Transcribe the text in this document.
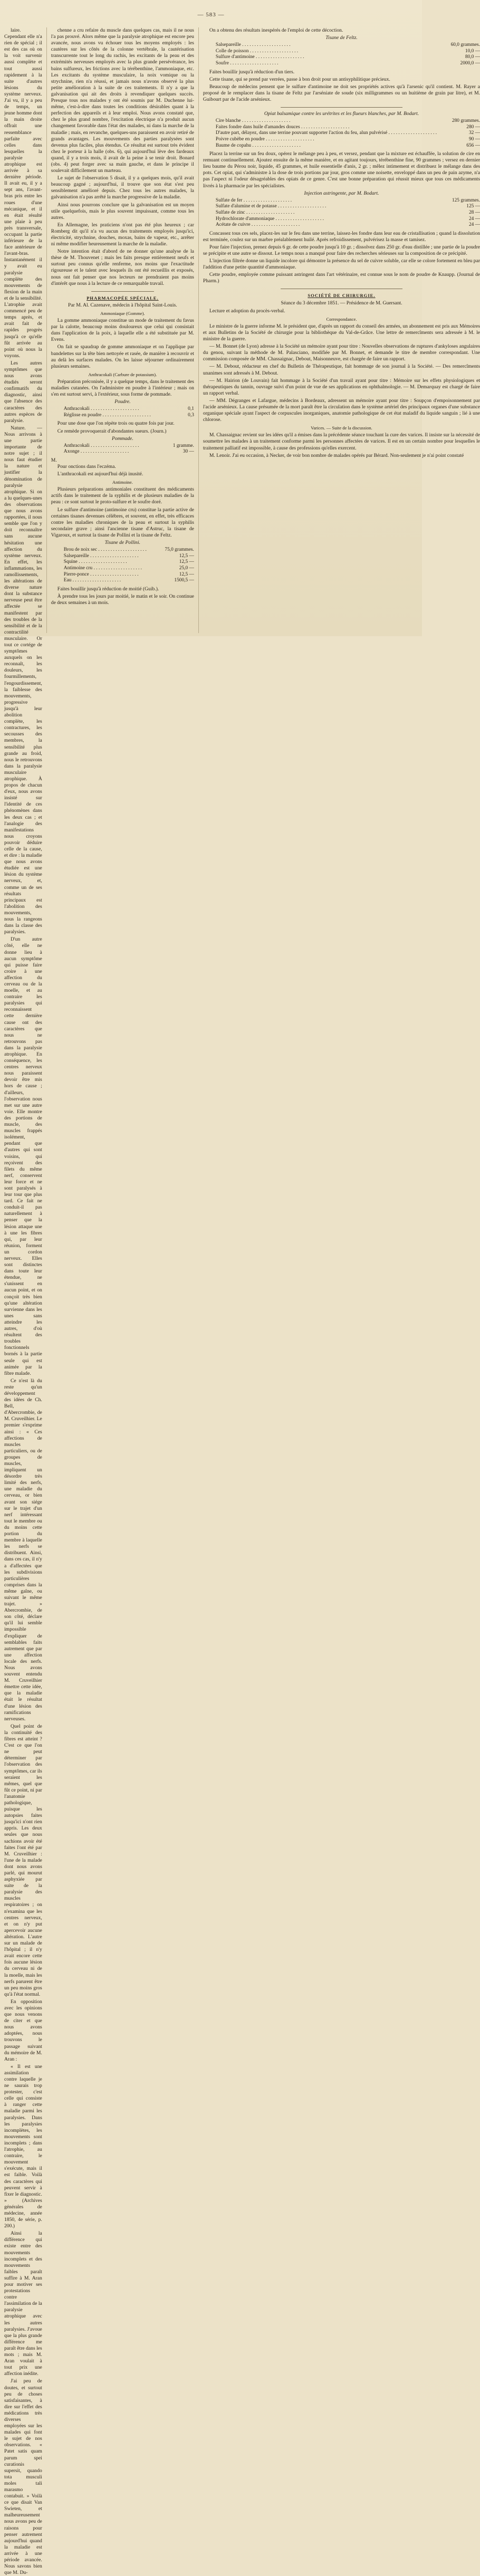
— 583 —

laire. Cependant elle n'a rien de spécial ; il est des cas où on la voit survenir aussi complète et tout aussi rapidement à la suite d'autres lésions du système nerveux. J'ai vu, il y a peu de temps, un jeune homme dont la main droite offrait une ressemblance parfaite avec celles dans lesquelles la paralysie atrophique est arrivée à sa dernière période. Il avait eu, il y a sept ans, l'avant-bras pris entre les roues d'une mécanique, et il en était résulté une plaie à peu près transversale, occupant la partie inférieure de la face antérieure de l'avant-bras. Instantanément il y avait eu paralysie complète des mouvements de flexion de la main et de la sensibilité. L'atrophie avait commencé peu de temps après, et avait fait de rapides progrès jusqu'à ce qu'elle fût arrivée au point où nous la voyons.

Les autres symptômes que nous avons étudiés seront confirmatifs du diagnostic, ainsi que l'absence des caractères des autres espèces de paralysie.

Nature. — Nous arrivons à une partie importante de notre sujet ; il nous faut étudier la nature et justifier la dénomination de paralysie atrophique. Si on a lu quelques-unes des observations que nous avons rapportées, il nous semble que l'on y doit reconnaître sans aucune hésitation une affection du système nerveux. En effet, les inflammations, les ramollissements, les altérations de diverse nature dont la substance nerveuse peut être affectée se manifestent par des troubles de la sensibilité et de la contractilité musculaire. Or tout ce cortége de symptômes auxquels on les reconnaît, les douleurs, les fourmillements, l'engourdissement, la faiblesse des mouvements, progressive jusqu'à leur abolition complète, les contractures, les secousses des membres, la sensibilité plus grande au froid, nous le retrouvons dans la paralysie musculaire atrophique. À propos de chacun d'eux, nous avons insisté sur l'identité de ces phénomènes dans les deux cas ; et l'analogie des manifestations nous croyons pouvoir déduire celle de la cause, et dire : la maladie que nous avons étudiée est une lésion du système nerveux, et, comme un de ses résultats principaux est l'abolition des mouvements, nous la rangeons dans la classe des paralysies.

D'un autre côté, elle ne donne lieu à aucun symptôme qui puisse faire croire à une affection du cerveau ou de la moelle, et au contraire les paralysies qui reconnaissent cette dernière cause ont des caractères que nous ne retrouvons pas dans la paralysie atrophique. En conséquence, les centres nerveux nous paraissent devoir être mis hors de cause ; d'ailleurs, l'observation nous met sur une autre voie. Elle montre des portions de muscle, des muscles frappés isolément, pendant que d'autres qui sont voisins, qui reçoivent des filets du même nerf, conservent leur force et ne sont paralysés à leur tour que plus tard. Ce fait ne conduit-il pas naturellement à penser que la lésion attaque une à une les fibres qui, par leur réunion, forment un cordon nerveux. Elles sont distinctes dans toute leur étendue, ne s'unissent en aucun point, et on conçoit très bien qu'une altération survienne dans les unes sans atteindre les autres, d'où résultent des troubles fonctionnels bornés à la partie seule qui est animée par la fibre malade.

Ce n'est là du reste qu'un développement des idées de Ch. Bell, d'Abercrombie, de M. Cruveilhier. Le premier s'exprime ainsi : « Ces affections de muscles particuliers, ou de groupes de muscles, impliquent un désordre très limité des nerfs, une maladie du cerveau, or bien avant son siége sur le trajet d'un nerf intéressant tout le membre ou du moins cette portion du membre à laquelle les nerfs se distribuent. Ainsi, dans ces cas, il n'y a d'affectées que les subdivisions particulières comprises dans la même gaîne, ou suivant le même trajet. » Abercrombie, de son côté, déclare qu'il lui semble impossible d'expliquer de semblables faits autrement que par une affection locale des nerfs. Nous avons souvent entendu M. Cruveilhier émettre cette idée, que la maladie était le résultat d'une lésion des ramifications nerveuses.

Quel point de la continuité des fibres est atteint ? C'est ce que l'on ne peut déterminer par l'observation des symptômes, car ils seraient les mêmes, quel que fût ce point, ni par l'anatomie pathologique, puisque les autopsies faites jusqu'ici n'ont rien appris. Les deux seules que nous sachions avoir été faites l'ont été par M. Cruveilhier : l'une de la malade dont nous avons parlé, qui mourut asphyxiée par suite de la paralysie des muscles respiratoires ; on n'examina que les centres nerveux, et on n'y put apercevoir aucune altération. L'autre sur un malade de l'hôpital ; il n'y avait encore cette fois aucune lésion du cerveau ni de la moelle, mais les nerfs parurent être un peu moins gros qu'à l'état normal.

En opposition avec les opinions que nous venons de citer et que nous avons adoptées, nous trouvons le passage suivant du mémoire de M. Aran :

« Il est une assimilation contre laquelle je ne saurais trop protester, c'est celle qui consiste à ranger cette maladie parmi les paralysies. Dans les paralysies incomplètes, les mouvements sont incomplets ; dans l'atrophie, au contraire, le mouvement s'exécute, mais il est faible. Voilà des caractères qui peuvent servir à fixer le diagnostic. » (Archives générales de médecine, année 1850, 4e série, p. 200.)

Ainsi la différence qui existe entre des mouvements incomplets et des mouvements faibles paraît suffire à M. Aran pour motiver ses protestations contre l'assimilation de la paralysie atrophique avec les autres paralysies. J'avoue que la plus grande différence me paraît être dans les mots ; mais M. Aran voulait à tout prix une affection inédite.

J'ai peu de doutes, et surtout peu de choses satisfaisantes, à dire sur l'effet des médications très diverses employées sur les malades qui font le sujet de nos observations. « Patet satis quam parum spei curationis supersit, quando tota musculi moles tali marasmo contabuit. » Voilà ce que disait Van Swieten, et malheureusement nous avons peu de raisons pour penser autrement aujourd'hui quand la maladie est arrivée à une période avancée. Nous savons bien que M. Du-

chenne a cru refaire du muscle dans quelques cas, mais il ne nous l'a pas prouvé. Alors même que la paralysie atrophique est encore peu avancée, nous avons vu échouer tous les moyens employés : les cautères sur les côtés de la colonne vertébrale, la cautérisation transcurrente tout le long du rachis, les excitants de la peau et des extrémités nerveuses employés avec la plus grande persévérance, les bains sulfureux, les frictions avec la térébenthine, l'ammoniaque, etc. Les excitants du système musculaire, la noix vomique ou la strychnine, rien n'a réussi, et jamais nous n'avons observé la plus petite amélioration à la suite de ces traitements. Il n'y a que la galvanisation qui ait des droits à revendiquer quelques succès. Presque tous nos malades y ont été soumis par M. Duchenne lui-même, c'est-à-dire dans toutes les conditions désirables quant à la perfection des appareils et à leur emploi. Nous avons constaté que, chez le plus grand nombre, l'excitation électrique n'a produit aucun changement favorable dans l'état des malades, ni dans la marche de la maladie ; mais, en revanche, quelques-uns paraissent en avoir retiré de grands avantages. Les mouvements des parties paralysées sont devenus plus faciles, plus étendus. Ce résultat est surtout très évident chez le porteur à la halle (obs. 6), qui aujourd'hui lève des fardeaux quand, il y a trois mois, il avait de la peine à se tenir droit. Bonard (obs. 4) peut forger avec sa main gauche, et dans le principe il soulevait difficilement un marteau.

Le sujet de l'observation 5 disait, il y a quelques mois, qu'il avait beaucoup gagné ; aujourd'hui, il trouve que son état s'est peu sensiblement amélioré depuis. Chez tous les autres malades, la galvanisation n'a pas arrêté la marche progressive de la maladie.

Ainsi nous pourrons conclure que la galvanisation est un moyen utile quelquefois, mais le plus souvent impuissant, comme tous les autres.

En Allemagne, les praticiens n'ont pas été plus heureux ; car Romberg dit qu'il n'a vu aucun des traitements employés jusqu'ici, électricité, strychnine, douches, moxas, bains de vapeur, etc., arrêter ni même modifier heureusement la marche de la maladie.

Notre intention était d'abord de ne donner qu'une analyse de la thèse de M. Thouvenet ; mais les faits presque entièrement neufs et surtout peu connus qu'elle renferme, nos moins que l'exactitude rigoureuse et le talent avec lesquels ils ont été recueillis et exposés, nous ont fait penser que nos lecteurs ne prendraient pas moins d'intérêt que nous à la lecture de ce remarquable travail.

PHARMACOPÉE SPÉCIALE.
Par M. Al. Cazenave, médecin à l'hôpital Saint-Louis.
Ammoniaque (Gomme).

La gomme ammoniaque constitue un mode de traitement du favus par la calotte, beaucoup moins douloureux que celui qui consistait dans l'application de la poix, à laquelle elle a été substituée par M. Evens.

On fait se spaudrap de gomme ammoniaque et on l'applique par bandelettes sur la tête bien nettoyée et rasée, de manière à recouvrir et au delà les surfaces malades. On les laisse séjourner ordinairement plusieurs semaines.

Anthracokali (Carbure de potassium).

Préparation préconisée, il y a quelque temps, dans le traitement des maladies cutanées. On l'administre en poudre à l'intérieur ; mais on s'en est surtout servi, à l'extérieur, sous forme de pommade.

Poudre.
Anthracokali . . .	0,1
Réglisse en poudre . . .	0,3

Pour une dose que l'on répète trois ou quatre fois par jour.

Ce remède provoquerait d'abondantes sueurs. (Journ.)

Pommade.
Anthracokali . . .	1 gramme.
Axonge . . .	30 —
M.

Pour onctions dans l'eczéma.

L'anthracokali est aujourd'hui déjà inusité.

Antimoine.

Plusieurs préparations antimoniales constituent des médicaments actifs dans le traitement de la syphilis et de plusieurs maladies de la peau : ce sont surtout le proto-sulfure et le soufre doré.

Le sulfure d'antimoine (antimoine cru) constitue la partie active de certaines tisanes devenues célèbres, et souvent, en effet, très efficaces contre les maladies chroniques de la peau et surtout la syphilis secondaire grave ; ainsi l'ancienne tisane d'Astruc, la tisane de Vigaroux, et surtout la tisane de Pollini et la tisane de Feltz.

Tisane de Pollini.
Brou de noix sec . . .	75,0 grammes.
Salsepareille . . .	12,5 —
Squine . . .	12,5 —
Antimoine cru . . .	25,0 —
Pierre-ponce . . .	12,5 —
Eau . . .	1500,5 —

Faites bouillir jusqu'à réduction de moitié (Guib.).

À prendre tous les jours par moitié, le matin et le soir. On continue de deux semaines à un mois.

On a obtenu des résultats inespérés de l'emploi de cette décoction.

Tisane de Feltz.
Salsepareille . . .	60,0 grammes.
Colle de poisson . . .	10,0 —
Sulfure d'antimoine . . .	80,0 —
Soufre . . .	2000,0 —

Faites bouillir jusqu'à réduction d'un tiers.

Cette tisane, qui se prend par verrées, passe à bon droit pour un antisyphilitique précieux.

Beaucoup de médecins pensent que le sulfure d'antimoine ne doit ses propriétés actives qu'à l'arsenic qu'il contient. M. Rayer a proposé de le remplacer dans la tisane de Feltz par l'arséniate de soude (six milligrammes ou un huitième de grain par litre), et M. Guibourt par de l'acide arsénieux.

Opiat balsamique contre les urétrites et les flueurs blanches, par M. Bodart.
Cire blanche . . .	280 grammes.
Faites fondre dans huile d'amandes douces . . .	280 —
D'autre part, délayez, dans une terrine pouvant supporter l'action du feu, alun pulvérisé . . .	32 —
Poivre cubèbe en poudre . . .	90 —
Baume de copahu . . .	656 —

Placez la terrine sur un feu doux, opérez le mélange peu à peu, et versez, pendant que la mixture est échauffée, la solution de cire en remuant continuellement. Ajoutez ensuite de la même manière, et en agitant toujours, térébenthine fine, 90 grammes ; versez en dernier lieu baume du Pérou noir, liquide, 45 grammes, et huile essentielle d'anis, 2 gr. ; mêlez intimement et distribuez le mélange dans des pots. Cet opiat, qui s'administre à la dose de trois portions par jour, gros comme une noisette, enveloppé dans un peu de pain azyme, n'a pas l'aspect ni l'odeur désagréables des opiats de ce genre. C'est une bonne préparation qui réussit mieux que tous ces médicaments livrés à la pharmacie par les spécialistes.

Injection astringente, par M. Bodart.
Sulfate de fer . . .	125 grammes.
Sulfate d'alumine et de potasse . . .	125 —
Sulfate de zinc . . .	28 —
Hydrochlorate d'ammoniaque . . .	24 —
Acétate de cuivre . . .	24 —

Concassez tous ces sels, placez-les sur le feu dans une terrine, laissez-les fondre dans leur eau de cristallisation ; quand la dissolution est terminée, coulez sur un marbre préalablement huilé. Après refroidissement, pulvérisez la masse et tamisez.

Pour faire l'injection, prenez depuis 6 gr. de cette poudre jusqu'à 10 gr. ; dissolvez dans 250 gr. d'eau distillée ; une partie de la poudre se précipite et une autre se dissout. Le temps nous a manqué pour faire des recherches sérieuses sur la composition de ce précipité.

L'injection filtrée donne un liquide incolore qui démontre la présence du sel de cuivre soluble, car elle se colore fortement en bleu par l'addition d'une petite quantité d'ammoniaque.

Cette poudre, employée comme puissant astringent dans l'art vétérinaire, est connue sous le nom de poudre de Knaupp. (Journal de Pharm.)

SOCIÉTÉ DE CHIRURGIE.
Séance du 3 décembre 1851. — Présidence de M. Guersant.

Lecture et adoption du procès-verbal.

Correspondance.

Le ministre de la guerre informe M. le président que, d'après un rapport du conseil des armées, un abonnement est pris aux Mémoires et aux Bulletins de la Société de chirurgie pour la bibliothèque du Val-de-Grâce. Une lettre de remercîments sera adressée à M. le ministre de la guerre.

— M. Bonnet (de Lyon) adresse à la Société un mémoire ayant pour titre : Nouvelles observations de ruptures d'ankyloses angulaires du genou, suivant la méthode de M. Palasciano, modifiée par M. Bonnet, et demande le titre de membre correspondant. Une commission composée de MM. Chassaignac, Debout, Maisonneuve, est chargée de faire un rapport.

— M. Debout, rédacteur en chef du Bulletin de Thérapeutique, fait hommage de son journal à la Société. — Des remercîments unanimes sont adressés à M. Debout.

— M. Hairion (de Louvain) fait hommage à la Société d'un travail ayant pour titre : Mémoire sur les effets physiologiques et thérapeutiques du tannin, ouvrage suivi d'un point de vue de ses applications en ophthalmologie. — M. Demarquay est chargé de faire un rapport verbal.

— MM. Dégranges et Lafargue, médecins à Bordeaux, adressent un mémoire ayant pour titre : Soupçon d'empoisonnement par l'acide arsénieux. La cause présumée de la mort paraît être la circulation dans le système artériel des principaux organes d'une substance organique spéciale ayant l'aspect de corpuscules inorganiques, anatomie pathologique de cet état maladif du liquide sanguin ; lié à une chlorose.

Varices. — Suite de la discussion.

M. Chassaignac revient sur les idées qu'il a émises dans la précédente séance touchant la cure des varices. Il insiste sur la nécessité de soumettre les malades à un traitement conforme parmi les personnes affectées de varices. Il est en un certain nombre pour lesquelles le traitement palliatif est impossible, à cause des professions qu'elles exercent.

M. Lenoir. J'ai eu occasion, à Necker, de voir bon nombre de malades opérés par Bérard. Non-seulement je n'ai point constaté
